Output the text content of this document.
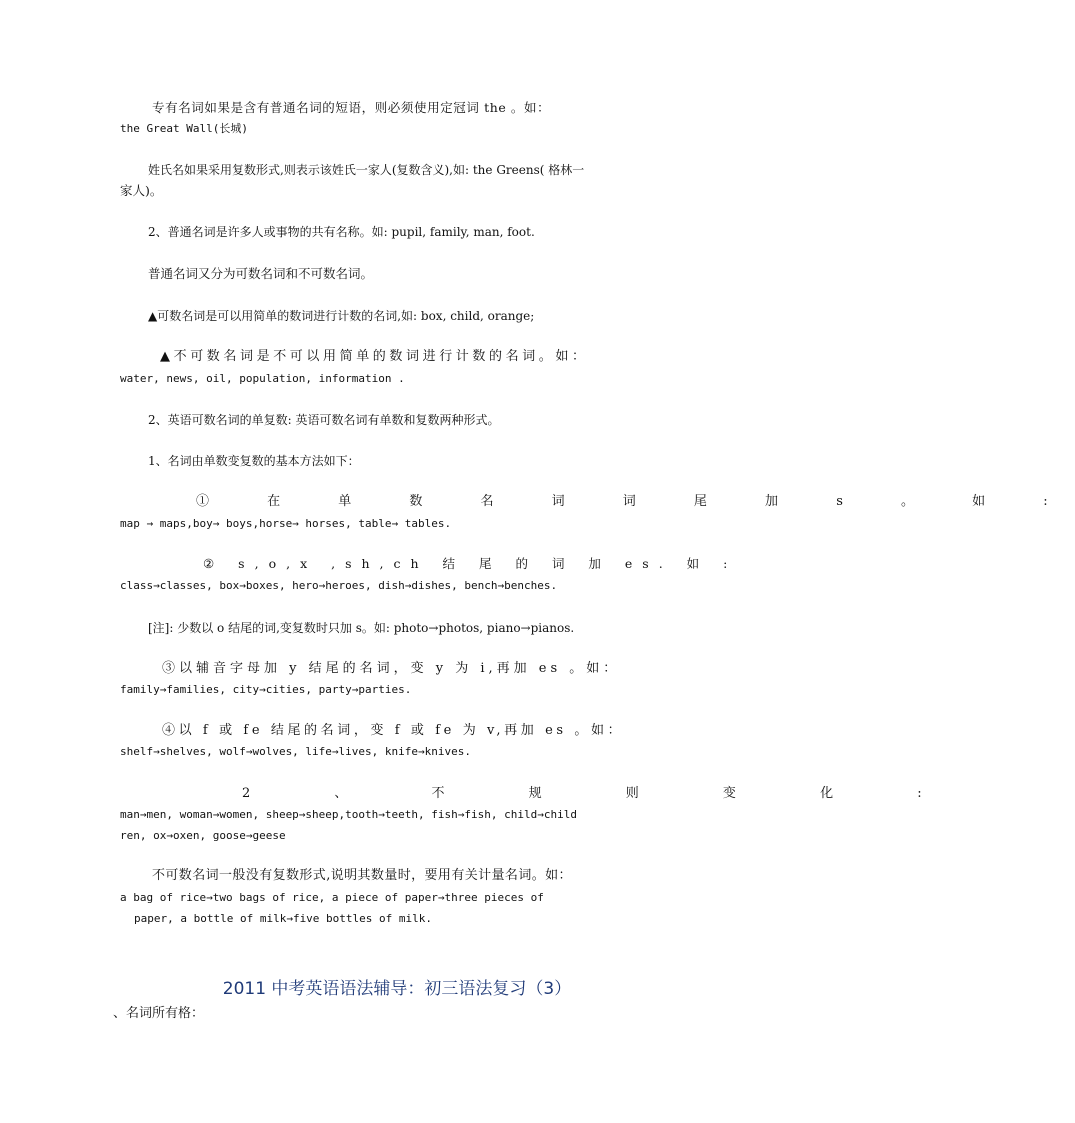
专有名词如果是含有普通名词的短语，则必须使用定冠词 the 。如：
the Great Wall(长城)
姓氏名如果采用复数形式,则表示该姓氏一家人(复数含义),如: the Greens( 格林一
家人)。
2、普通名词是许多人或事物的共有名称。如: pupil, family, man, foot.
普通名词又分为可数名词和不可数名词。
▲可数名词是可以用简单的数词进行计数的名词,如: box, child, orange;
▲不可数名词是不可以用简单的数词进行计数的名词。如：
water, news, oil, population, information .
2、英语可数名词的单复数: 英语可数名词有单数和复数两种形式。
1、名词由单数变复数的基本方法如下：
① 在 单 数 名 词 词 尾 加 s 。 如 :
map → maps,boy→ boys,horse→ horses, table→ tables.
② s,o,x ,sh,ch 结 尾 的 词 加 es. 如 :
class→classes, box→boxes, hero→heroes, dish→dishes, bench→benches.
[注]: 少数以 o 结尾的词,变复数时只加 s。如: photo→photos, piano→pianos.
③以辅音字母加 y 结尾的名词，变 y 为 i,再加 es 。如：
family→families, city→cities, party→parties.
④以 f 或 fe 结尾的名词，变 f 或 fe 为 v,再加 es 。如：
shelf→shelves, wolf→wolves, life→lives, knife→knives.
2 、 不 规 则 变 化 :
man→men, woman→women, sheep→sheep,tooth→teeth, fish→fish, child→child
ren, ox→oxen, goose→geese
不可数名词一般没有复数形式,说明其数量时，要用有关计量名词。如：
a bag of rice→two bags of rice, a piece of paper→three pieces of
paper, a bottle of milk→five bottles of milk.
2011 中考英语语法辅导：初三语法复习（3）
、名词所有格：
